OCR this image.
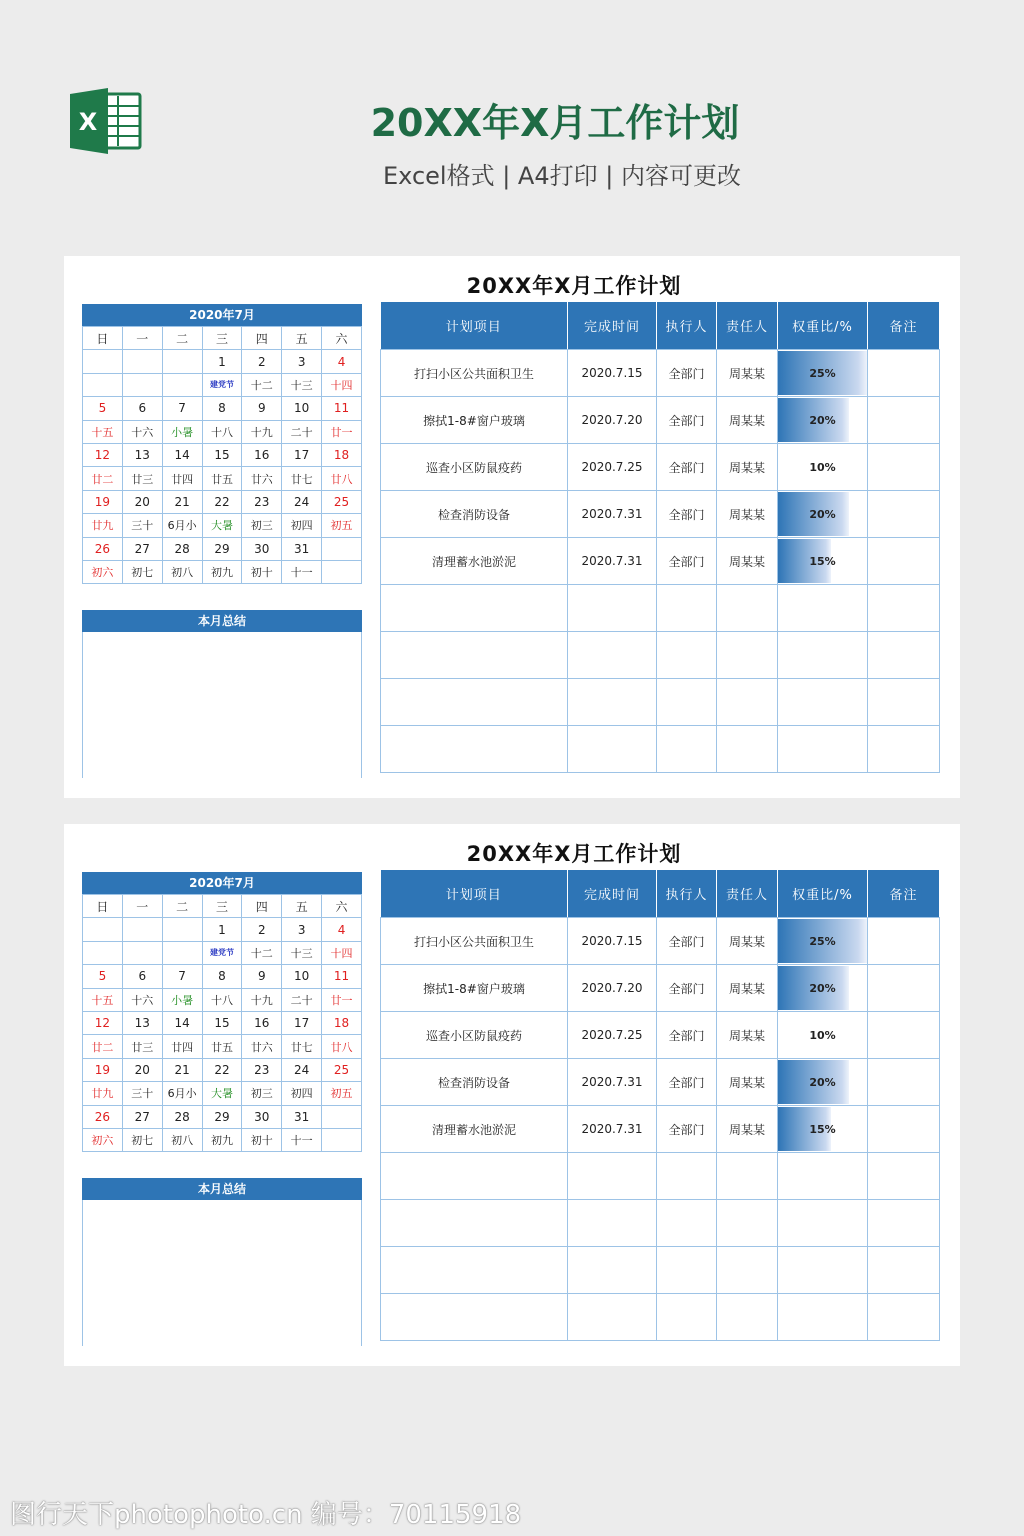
X	20XX年X月工作计划
Excel格式 | A4打印 | 内容可更改
20XX年X月工作计划
2020年7月
日	一	二	三	四	五	六
			1	2	3	4
			建党节	十二	十三	十四
5	6	7	8	9	10	11
十五	十六	小暑	十八	十九	二十	廿一
12	13	14	15	16	17	18
廿二	廿三	廿四	廿五	廿六	廿七	廿八
19	20	21	22	23	24	25
廿九	三十	6月小	大暑	初三	初四	初五
26	27	28	29	30	31	
初六	初七	初八	初九	初十	十一	
本月总结
计划项目	完成时间	执行人	责任人	权重比/%	备注
打扫小区公共面积卫生	2020.7.15	全部门	周某某	25%	
擦拭1-8#窗户玻璃	2020.7.20	全部门	周某某	20%	
巡查小区防鼠疫药	2020.7.25	全部门	周某某	10%	
检查消防设备	2020.7.31	全部门	周某某	20%	
清理蓄水池淤泥	2020.7.31	全部门	周某某	15%	

20XX年X月工作计划
2020年7月
日	一	二	三	四	五	六
			1	2	3	4
			建党节	十二	十三	十四
5	6	7	8	9	10	11
十五	十六	小暑	十八	十九	二十	廿一
12	13	14	15	16	17	18
廿二	廿三	廿四	廿五	廿六	廿七	廿八
19	20	21	22	23	24	25
廿九	三十	6月小	大暑	初三	初四	初五
26	27	28	29	30	31	
初六	初七	初八	初九	初十	十一	
本月总结
计划项目	完成时间	执行人	责任人	权重比/%	备注
打扫小区公共面积卫生	2020.7.15	全部门	周某某	25%	
擦拭1-8#窗户玻璃	2020.7.20	全部门	周某某	20%	
巡查小区防鼠疫药	2020.7.25	全部门	周某某	10%	
检查消防设备	2020.7.31	全部门	周某某	20%	
清理蓄水池淤泥	2020.7.31	全部门	周某某	15%	

图行天下photophoto.cn 编号：70115918
